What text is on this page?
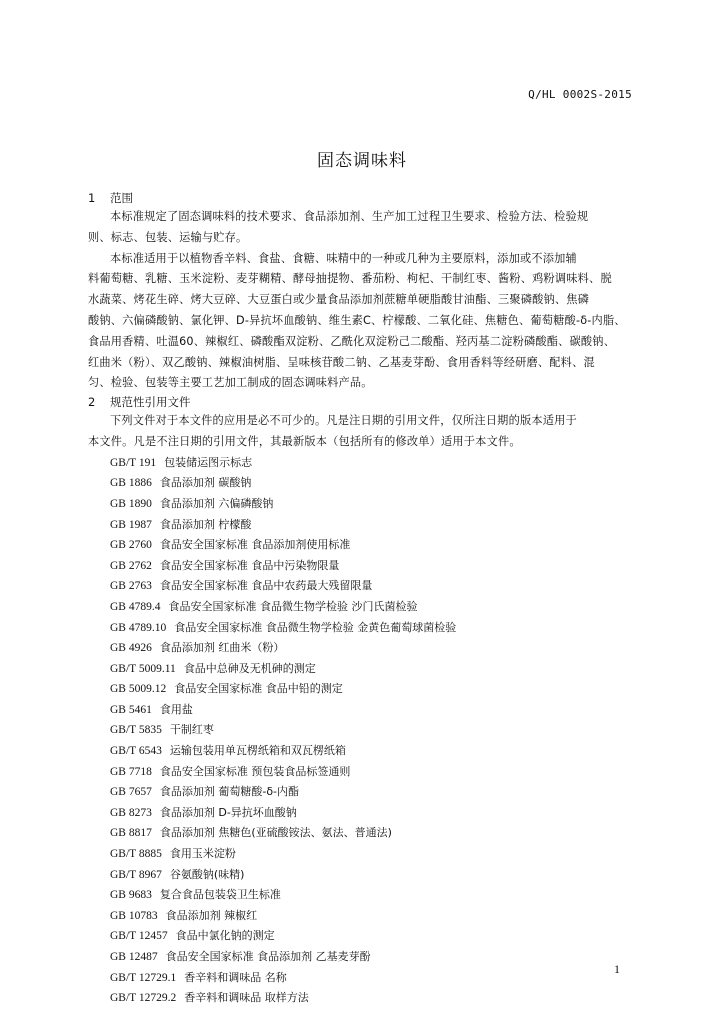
Q/HL 0002S-2015
固态调味料
1 范围
本标准规定了固态调味料的技术要求、食品添加剂、生产加工过程卫生要求、检验方法、检验规
则、标志、包装、运输与贮存。
本标准适用于以植物香辛料、食盐、食糖、味精中的一种或几种为主要原料，添加或不添加辅
料葡萄糖、乳糖、玉米淀粉、麦芽糊精、酵母抽提物、番茄粉、枸杞、干制红枣、酱粉、鸡粉调味料、脱
水蔬菜、烤花生碎、烤大豆碎、大豆蛋白或少量食品添加剂蔗糖单硬脂酸甘油酯、三聚磷酸钠、焦磷
酸钠、六偏磷酸钠、氯化钾、D-异抗坏血酸钠、维生素C、柠檬酸、二氧化硅、焦糖色、葡萄糖酸-δ-内脂、
食品用香精、吐温60、辣椒红、磷酸酯双淀粉、乙酰化双淀粉己二酸酯、羟丙基二淀粉磷酸酯、碳酸钠、
红曲米（粉）、双乙酸钠、辣椒油树脂、呈味核苷酸二钠、乙基麦芽酚、食用香料等经研磨、配料、混
匀、检验、包装等主要工艺加工制成的固态调味料产品。
2 规范性引用文件
下列文件对于本文件的应用是必不可少的。凡是注日期的引用文件，仅所注日期的版本适用于
本文件。凡是不注日期的引用文件，其最新版本（包括所有的修改单）适用于本文件。
GB/T 191 包装储运图示标志
GB 1886 食品添加剂 碳酸钠
GB 1890 食品添加剂 六偏磷酸钠
GB 1987 食品添加剂 柠檬酸
GB 2760 食品安全国家标准 食品添加剂使用标准
GB 2762 食品安全国家标准 食品中污染物限量
GB 2763 食品安全国家标准 食品中农药最大残留限量
GB 4789.4 食品安全国家标准 食品微生物学检验 沙门氏菌检验
GB 4789.10 食品安全国家标准 食品微生物学检验 金黄色葡萄球菌检验
GB 4926 食品添加剂 红曲米（粉）
GB/T 5009.11 食品中总砷及无机砷的测定
GB 5009.12 食品安全国家标准 食品中铅的测定
GB 5461 食用盐
GB/T 5835 干制红枣
GB/T 6543 运输包装用单瓦楞纸箱和双瓦楞纸箱
GB 7718 食品安全国家标准 预包装食品标签通则
GB 7657 食品添加剂 葡萄糖酸-δ-内酯
GB 8273 食品添加剂 D-异抗坏血酸钠
GB 8817 食品添加剂 焦糖色(亚硫酸铵法、氨法、普通法)
GB/T 8885 食用玉米淀粉
GB/T 8967 谷氨酸钠(味精)
GB 9683 复合食品包装袋卫生标准
GB 10783 食品添加剂 辣椒红
GB/T 12457 食品中氯化钠的测定
GB 12487 食品安全国家标准 食品添加剂 乙基麦芽酚
GB/T 12729.1 香辛料和调味品 名称
GB/T 12729.2 香辛料和调味品 取样方法
1
